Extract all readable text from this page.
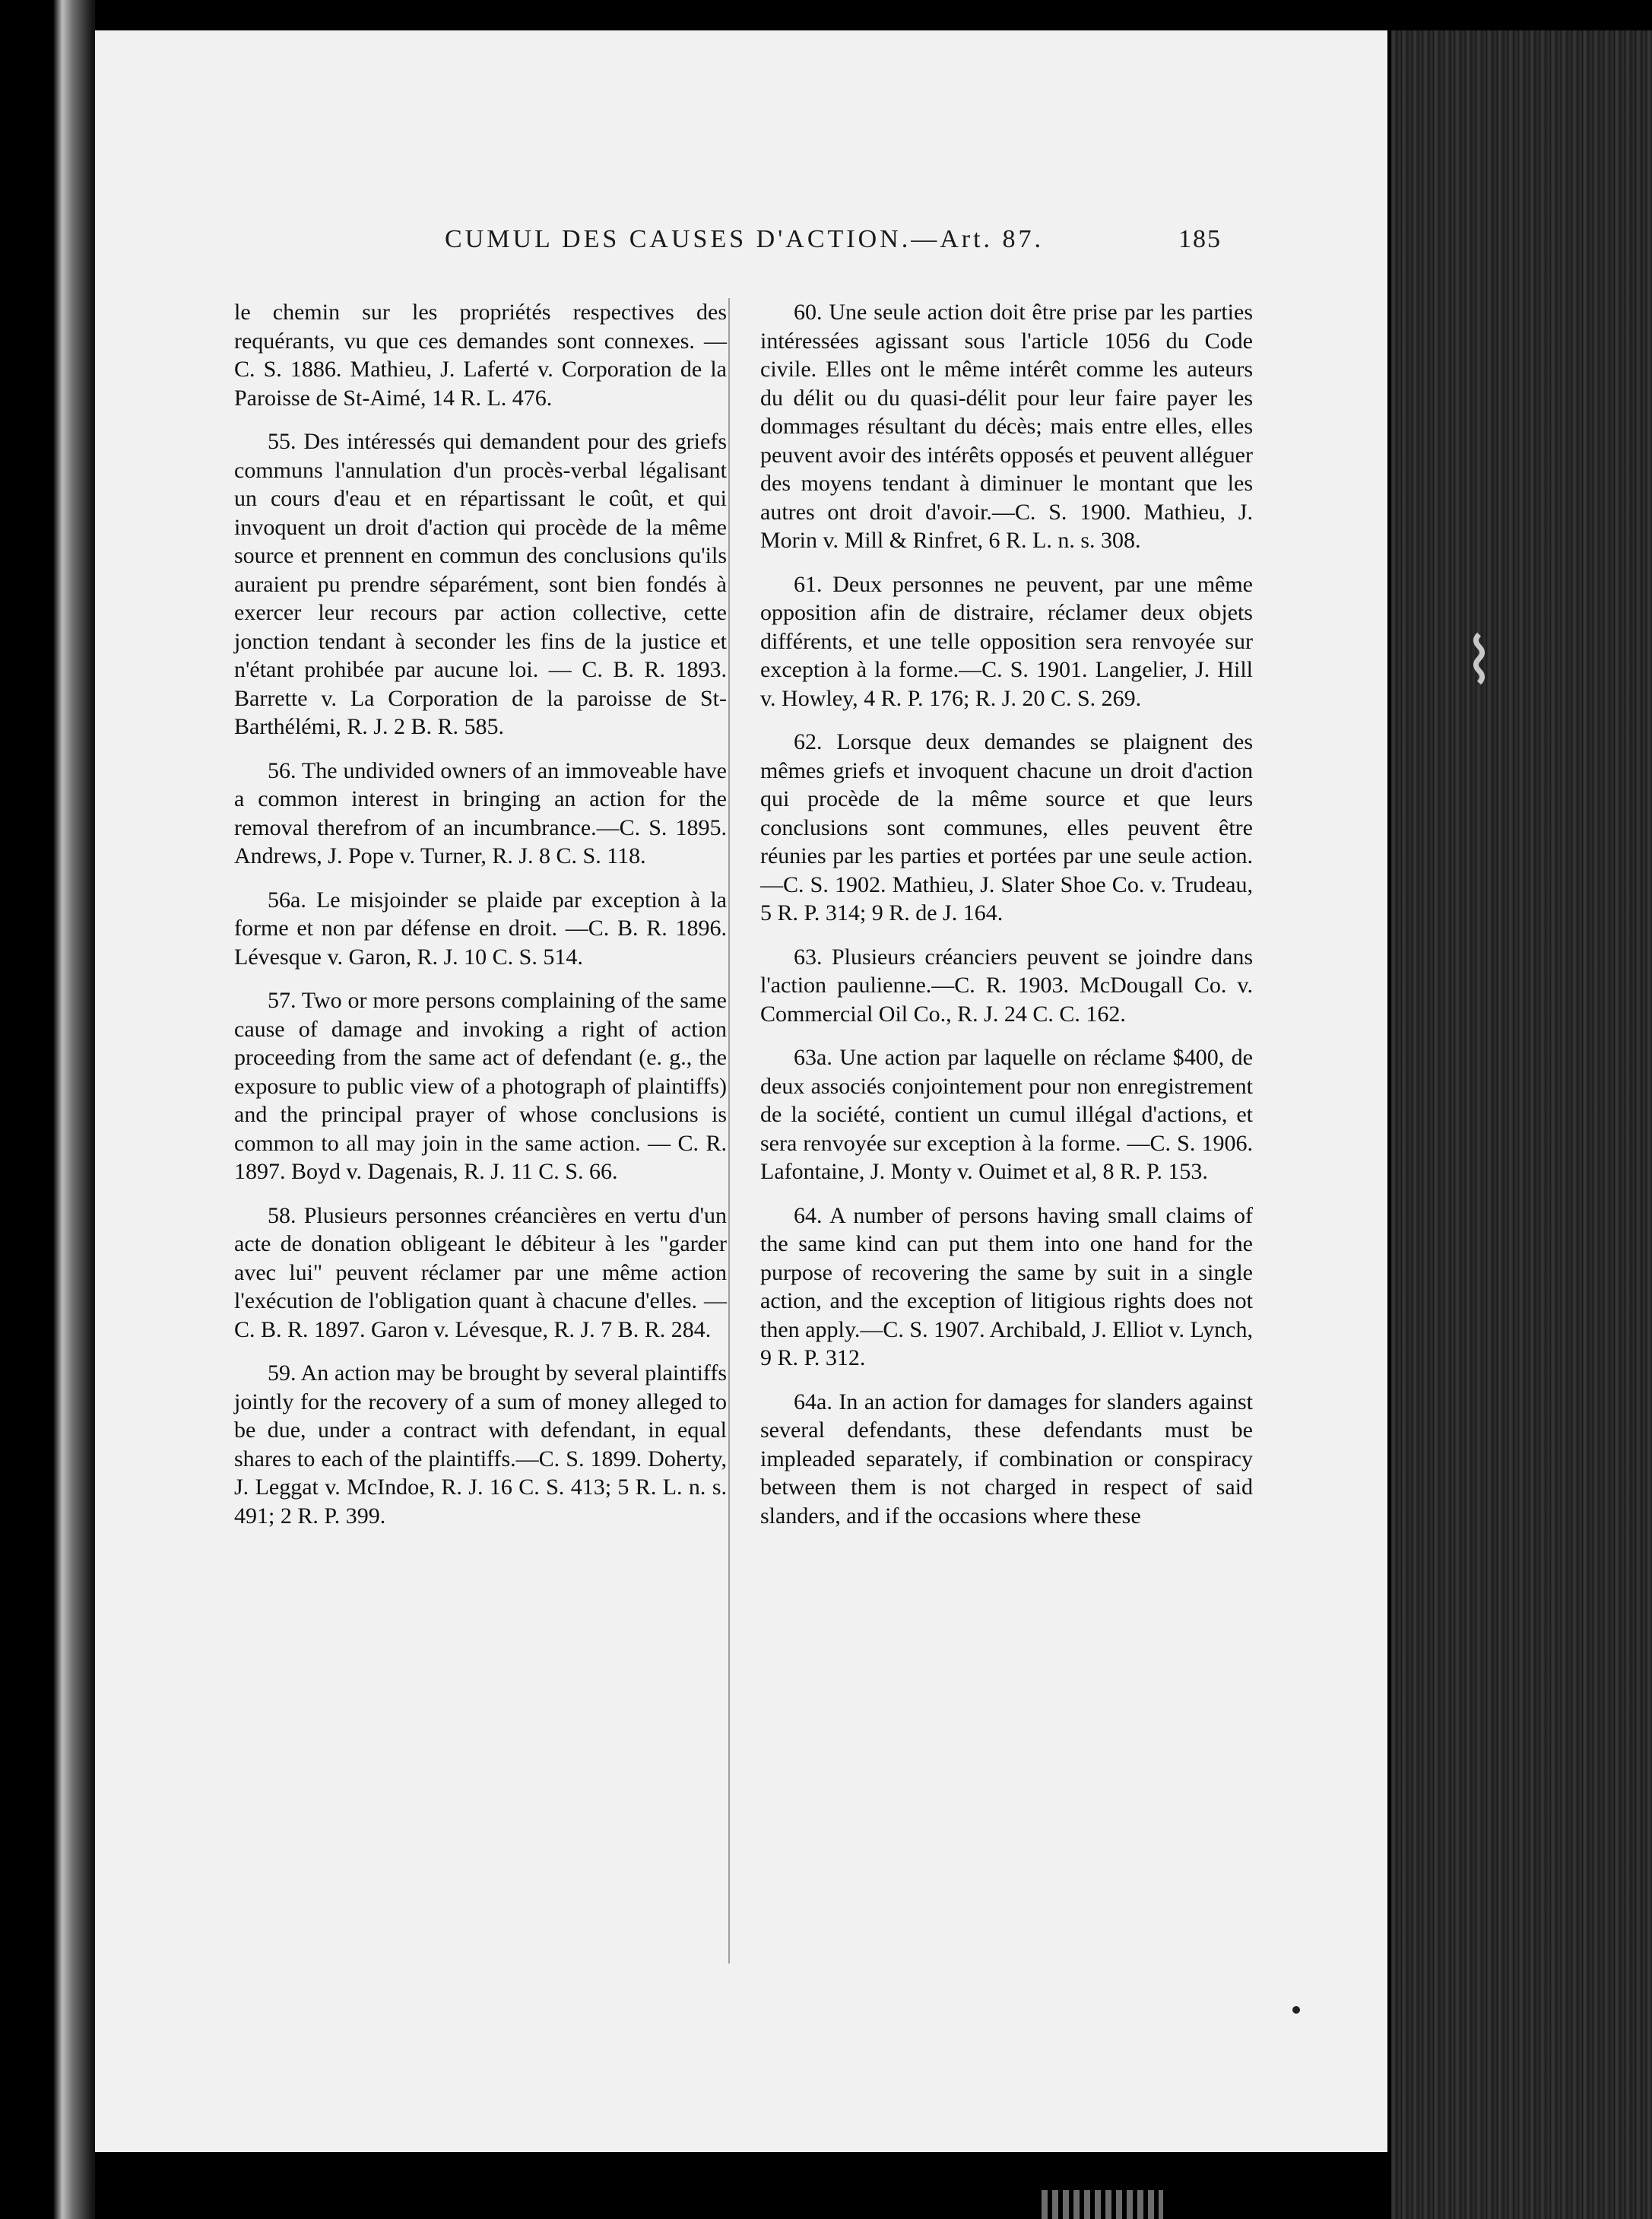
⌇
CUMUL DES CAUSES D'ACTION.—Art. 87.	185

le chemin sur les propriétés respectives des requérants, vu que ces demandes sont connexes. — C. S. 1886. Mathieu, J. Laferté v. Corporation de la Paroisse de St-Aimé, 14 R. L. 476.

55. Des intéressés qui demandent pour des griefs communs l'annulation d'un procès-verbal légalisant un cours d'eau et en répartissant le coût, et qui invoquent un droit d'action qui procède de la même source et prennent en commun des conclusions qu'ils auraient pu prendre séparément, sont bien fondés à exercer leur recours par action collective, cette jonction tendant à seconder les fins de la justice et n'étant prohibée par aucune loi. — C. B. R. 1893. Barrette v. La Corporation de la paroisse de St-Barthélémi, R. J. 2 B. R. 585.

56. The undivided owners of an immoveable have a common interest in bringing an action for the removal therefrom of an incumbrance.—C. S. 1895. Andrews, J. Pope v. Turner, R. J. 8 C. S. 118.

56a. Le misjoinder se plaide par exception à la forme et non par défense en droit. —C. B. R. 1896. Lévesque v. Garon, R. J. 10 C. S. 514.

57. Two or more persons complaining of the same cause of damage and invoking a right of action proceeding from the same act of defendant (e. g., the exposure to public view of a photograph of plaintiffs) and the principal prayer of whose conclusions is common to all may join in the same action. — C. R. 1897. Boyd v. Dagenais, R. J. 11 C. S. 66.

58. Plusieurs personnes créancières en vertu d'un acte de donation obligeant le débiteur à les "garder avec lui" peuvent réclamer par une même action l'exécution de l'obligation quant à chacune d'elles. —C. B. R. 1897. Garon v. Lévesque, R. J. 7 B. R. 284.

59. An action may be brought by several plaintiffs jointly for the recovery of a sum of money alleged to be due, under a contract with defendant, in equal shares to each of the plaintiffs.—C. S. 1899. Doherty, J. Leggat v. McIndoe, R. J. 16 C. S. 413; 5 R. L. n. s. 491; 2 R. P. 399.

60. Une seule action doit être prise par les parties intéressées agissant sous l'article 1056 du Code civile. Elles ont le même intérêt comme les auteurs du délit ou du quasi-délit pour leur faire payer les dommages résultant du décès; mais entre elles, elles peuvent avoir des intérêts opposés et peuvent alléguer des moyens tendant à diminuer le montant que les autres ont droit d'avoir.—C. S. 1900. Mathieu, J. Morin v. Mill & Rinfret, 6 R. L. n. s. 308.

61. Deux personnes ne peuvent, par une même opposition afin de distraire, réclamer deux objets différents, et une telle opposition sera renvoyée sur exception à la forme.—C. S. 1901. Langelier, J. Hill v. Howley, 4 R. P. 176; R. J. 20 C. S. 269.

62. Lorsque deux demandes se plaignent des mêmes griefs et invoquent chacune un droit d'action qui procède de la même source et que leurs conclusions sont communes, elles peuvent être réunies par les parties et portées par une seule action.—C. S. 1902. Mathieu, J. Slater Shoe Co. v. Trudeau, 5 R. P. 314; 9 R. de J. 164.

63. Plusieurs créanciers peuvent se joindre dans l'action paulienne.—C. R. 1903. McDougall Co. v. Commercial Oil Co., R. J. 24 C. C. 162.

63a. Une action par laquelle on réclame $400, de deux associés conjointement pour non enregistrement de la société, contient un cumul illégal d'actions, et sera renvoyée sur exception à la forme. —C. S. 1906. Lafontaine, J. Monty v. Ouimet et al, 8 R. P. 153.

64. A number of persons having small claims of the same kind can put them into one hand for the purpose of recovering the same by suit in a single action, and the exception of litigious rights does not then apply.—C. S. 1907. Archibald, J. Elliot v. Lynch, 9 R. P. 312.

64a. In an action for damages for slanders against several defendants, these defendants must be impleaded separately, if combination or conspiracy between them is not charged in respect of said slanders, and if the occasions where these
